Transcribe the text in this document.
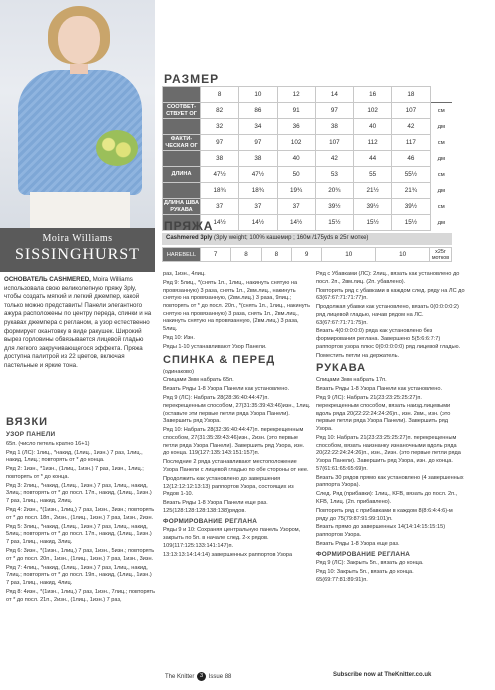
Moira Williams
SISSINGHURST
ОСНОВАТЕЛЬ CASHMERED, Moira Williams использовала свою великолепную пряжу 3ply, чтобы создать мягкий и легкий джемпер, какой только можно представить! Панели элегантного ажура расположены по центру переда, спинки и на рукавах джемпера с регланом, а узор естественно формирует окантовку в виде ракушек. Широкий вырез горловины обвязывается лицевой гладью для легкого закручивающегося эффекта. Пряжа доступна палитрой из 22 цветов, включая пастельные и яркие тона.
РАЗМЕР
	8	10	12	14	16	18	
СООТВЕТ-СТВУЕТ ОГ	82	86	91	97	102	107	см
	32	34	36	38	40	42	дм
ФАКТИ-ЧЕСКАЯ ОГ	97	97	102	107	112	117	см
	38	38	40	42	44	46	дм
ДЛИНА	47½	47½	50	53	55	55½	см
	18¾	18¾	19¾	20¾	21½	21¾	дм
ДЛИНА ШВА РУКАВА	37	37	37	39½	39½	39½	см
	14½	14½	14½	15½	15½	15½	дм
ПРЯЖА
Cashmered 3ply (3ply weight; 100% кашемир ; 160м /175yds в 25г мотке)
HAREBELL	7	8	8	9	10	10	x25г мотков
ВЯЗКИ
УЗОР ПАНЕЛИ

65п. (число петель кратно 16+1)

Ряд 1 (ЛС): 1лиц., *накид, (1лиц., 1изн.) 7 раз, 1лиц., накид, 1лиц.; повторять от * до конца.

Ряд 2: 1изн., *1изн., (1лиц., 1изн.) 7 раз, 1изн., 1лиц.; повторять от * до конца.

Ряд 3: 2лиц., *накид, (1лиц., 1изн.) 7 раз, 1лиц., накид, 3лиц.; повторять от * до посл. 17п., накид, (1лиц., 1изн.) 7 раз, 1лиц., накид, 2лиц.

Ряд 4: 2изн., *(1изн., 1лиц.) 7 раз, 1изн., 3изн.; повторять от * до посл. 18п., 2изн., (1лиц., 1изн.) 7 раз, 1изн., 2изн.

Ряд 5: 3лиц., *накид, (1лиц., 1изн.) 7 раз, 1лиц., накид, 5лиц.; повторять от * до посл. 17п., накид, (1лиц., 1изн.) 7 раз, 1лиц., накид, 3лиц.

Ряд 6: 3изн., *(1изн., 1лиц.) 7 раз, 1изн., 5изн.; повторять от * до посл. 20п., 1изн., (1лиц., 1изн.) 7 раз, 1изн., 3изн.

Ряд 7: 4лиц., *накид, (1лиц., 1изн.) 7 раз, 1лиц., накид, 7лиц.; повторять от * до посл. 19п., накид, (1лиц., 1изн.) 7 раз, 1лиц., накид, 4лиц.

Ряд 8: 4изн., *(1изн., 1лиц.) 7 раз, 1изн., 7лиц.; повторять от * до посл. 21п., 2изн., (1лиц., 1изн.) 7 раз,

раз, 1изн., 4лиц.

Ряд 9: 5лиц., *(снять 1п., 1лиц., накинуть снятую на провязанную) 3 раза, снять 1п., 2вм.лиц., накинуть снятую на провязанную, (2вм.лиц.) 3 раза, 9лиц.; повторять от * до посл. 20п., *(снять 1п., 1лиц., накинуть снятую на провязанную) 3 раза, снять 1п., 2вм.лиц., накинуть снятую на провязанную, (2вм.лиц.) 3 раза, 5лиц.

Ряд 10: Изн.

Ряды 1-10 устанавливают Узор Панели.

СПИНКА & ПЕРЕД

(одинаково)

Спицами 3мм набрать 65п.

Вязать Ряды 1-8 Узора Панели как установлено.

Ряд 9 (ЛС): Набрать 28(28:36:40:44:47)п. перекрещенным способом, 27(31:35:39:43:46)изн., 1лиц. (оставьте эти первые петли ряда Узора Панели). Завершить ряд Узора.

Ряд 10: Набрать 28(32:36:40:44:47)п. перекрещенным способом, 27(31:35:39:43:46)изн., 2изн. (это первые петли ряда Узора Панели). Завершить ряд Узора, изн. до конца. 119(127:135:143:151:157)п.

Последние 2 ряда устанавливают местоположение Узора Панели с лицевой гладью по обе стороны от нее.

Продолжить как установлено до завершения 12(12:12:12:13:13) раппортов Узора, состоящих из Рядов 1-10.

Вязать Ряды 1-8 Узора Панели еще раз. 125(128:128:128:138:138)рядов.

ФОРМИРОВАНИЕ РЕГЛАНА

Ряды 9 и 10: Сохраняя центральную панель Узором, закрыть по 5п. в начале след. 2-х рядов. 109(117:125:133:141:147)п.

13:13:13:14:14:14) завершенных раппортов Узора

Ряд с Убавками (ЛС): 2лиц., вязать как установлено до посл. 2п., 2вм.лиц. (2п. убавлено).

Повторить ряд с убавками в каждом след. ряду на ЛС до 63(67:67:71:71:77)п.

Продолжая убавки как установлено, вязать 0(0:0:0:0:2) ряд лицевой гладью, начав рядом на ЛС. 63(67:67:71:71:75)п.

Вязать 4(0:0:0:0:0) ряда как установлено без формирования реглана. Завершено 5(5:6:6:7:7) раппортов узора плюс 0(0:0:0:0:0) ряд лицевой гладью.

Поместить петли на держатель.

РУКАВА

Спицами 3мм набрать 17п.

Вязать Ряды 1-8 Узора Панели как установлено.

Ряд 9 (ЛС): Набрать 21(23:23:25:25:27)п. перекрещенным способом, вязать наизд.лицевыми вдоль ряда 20(22:22:24:24:26)п., изн. 2вм., изн. (это первые петли ряда Узора Панели). Завершить ряд Узора.

Ряд 10: Набрать 21(23:23:25:25:27)п. перекрещенным способом, вязать наизнанку изнаночными вдоль ряда 20(22:22:24:24:26)п., изн., 2изн. (это первые петли ряда Узора Панели). Завершить ряд Узора, изн. до конца. 57(61:61:65:65:69)п.

Вязать 30 рядов прямо как установлено (4 завершенных раппорта Узора).

След. Ряд (прибавки): 1лиц., KFB, вязать до посл. 2п., KFB, 1лиц. (2п. прибавлено).

Повторить ряд с прибавками в каждом 8(8:6:4:4:6)-м ряду до 75(79:87:91:99:101)п.

Вязать прямо до завершенных 14(14:14:15:15:15) раппортов Узора.

Вязать Ряды 1-8 Узора еще раз.

ФОРМИРОВАНИЕ РЕГЛАНА

Ряд 9 (ЛС): Закрыть 5п., вязать до конца.

Ряд 10: Закрыть 5п., вязать до конца. 65(69:77:81:89:91)п.

The Knitter 3 Issue 88	Subscribe now at TheKnitter.co.uk
